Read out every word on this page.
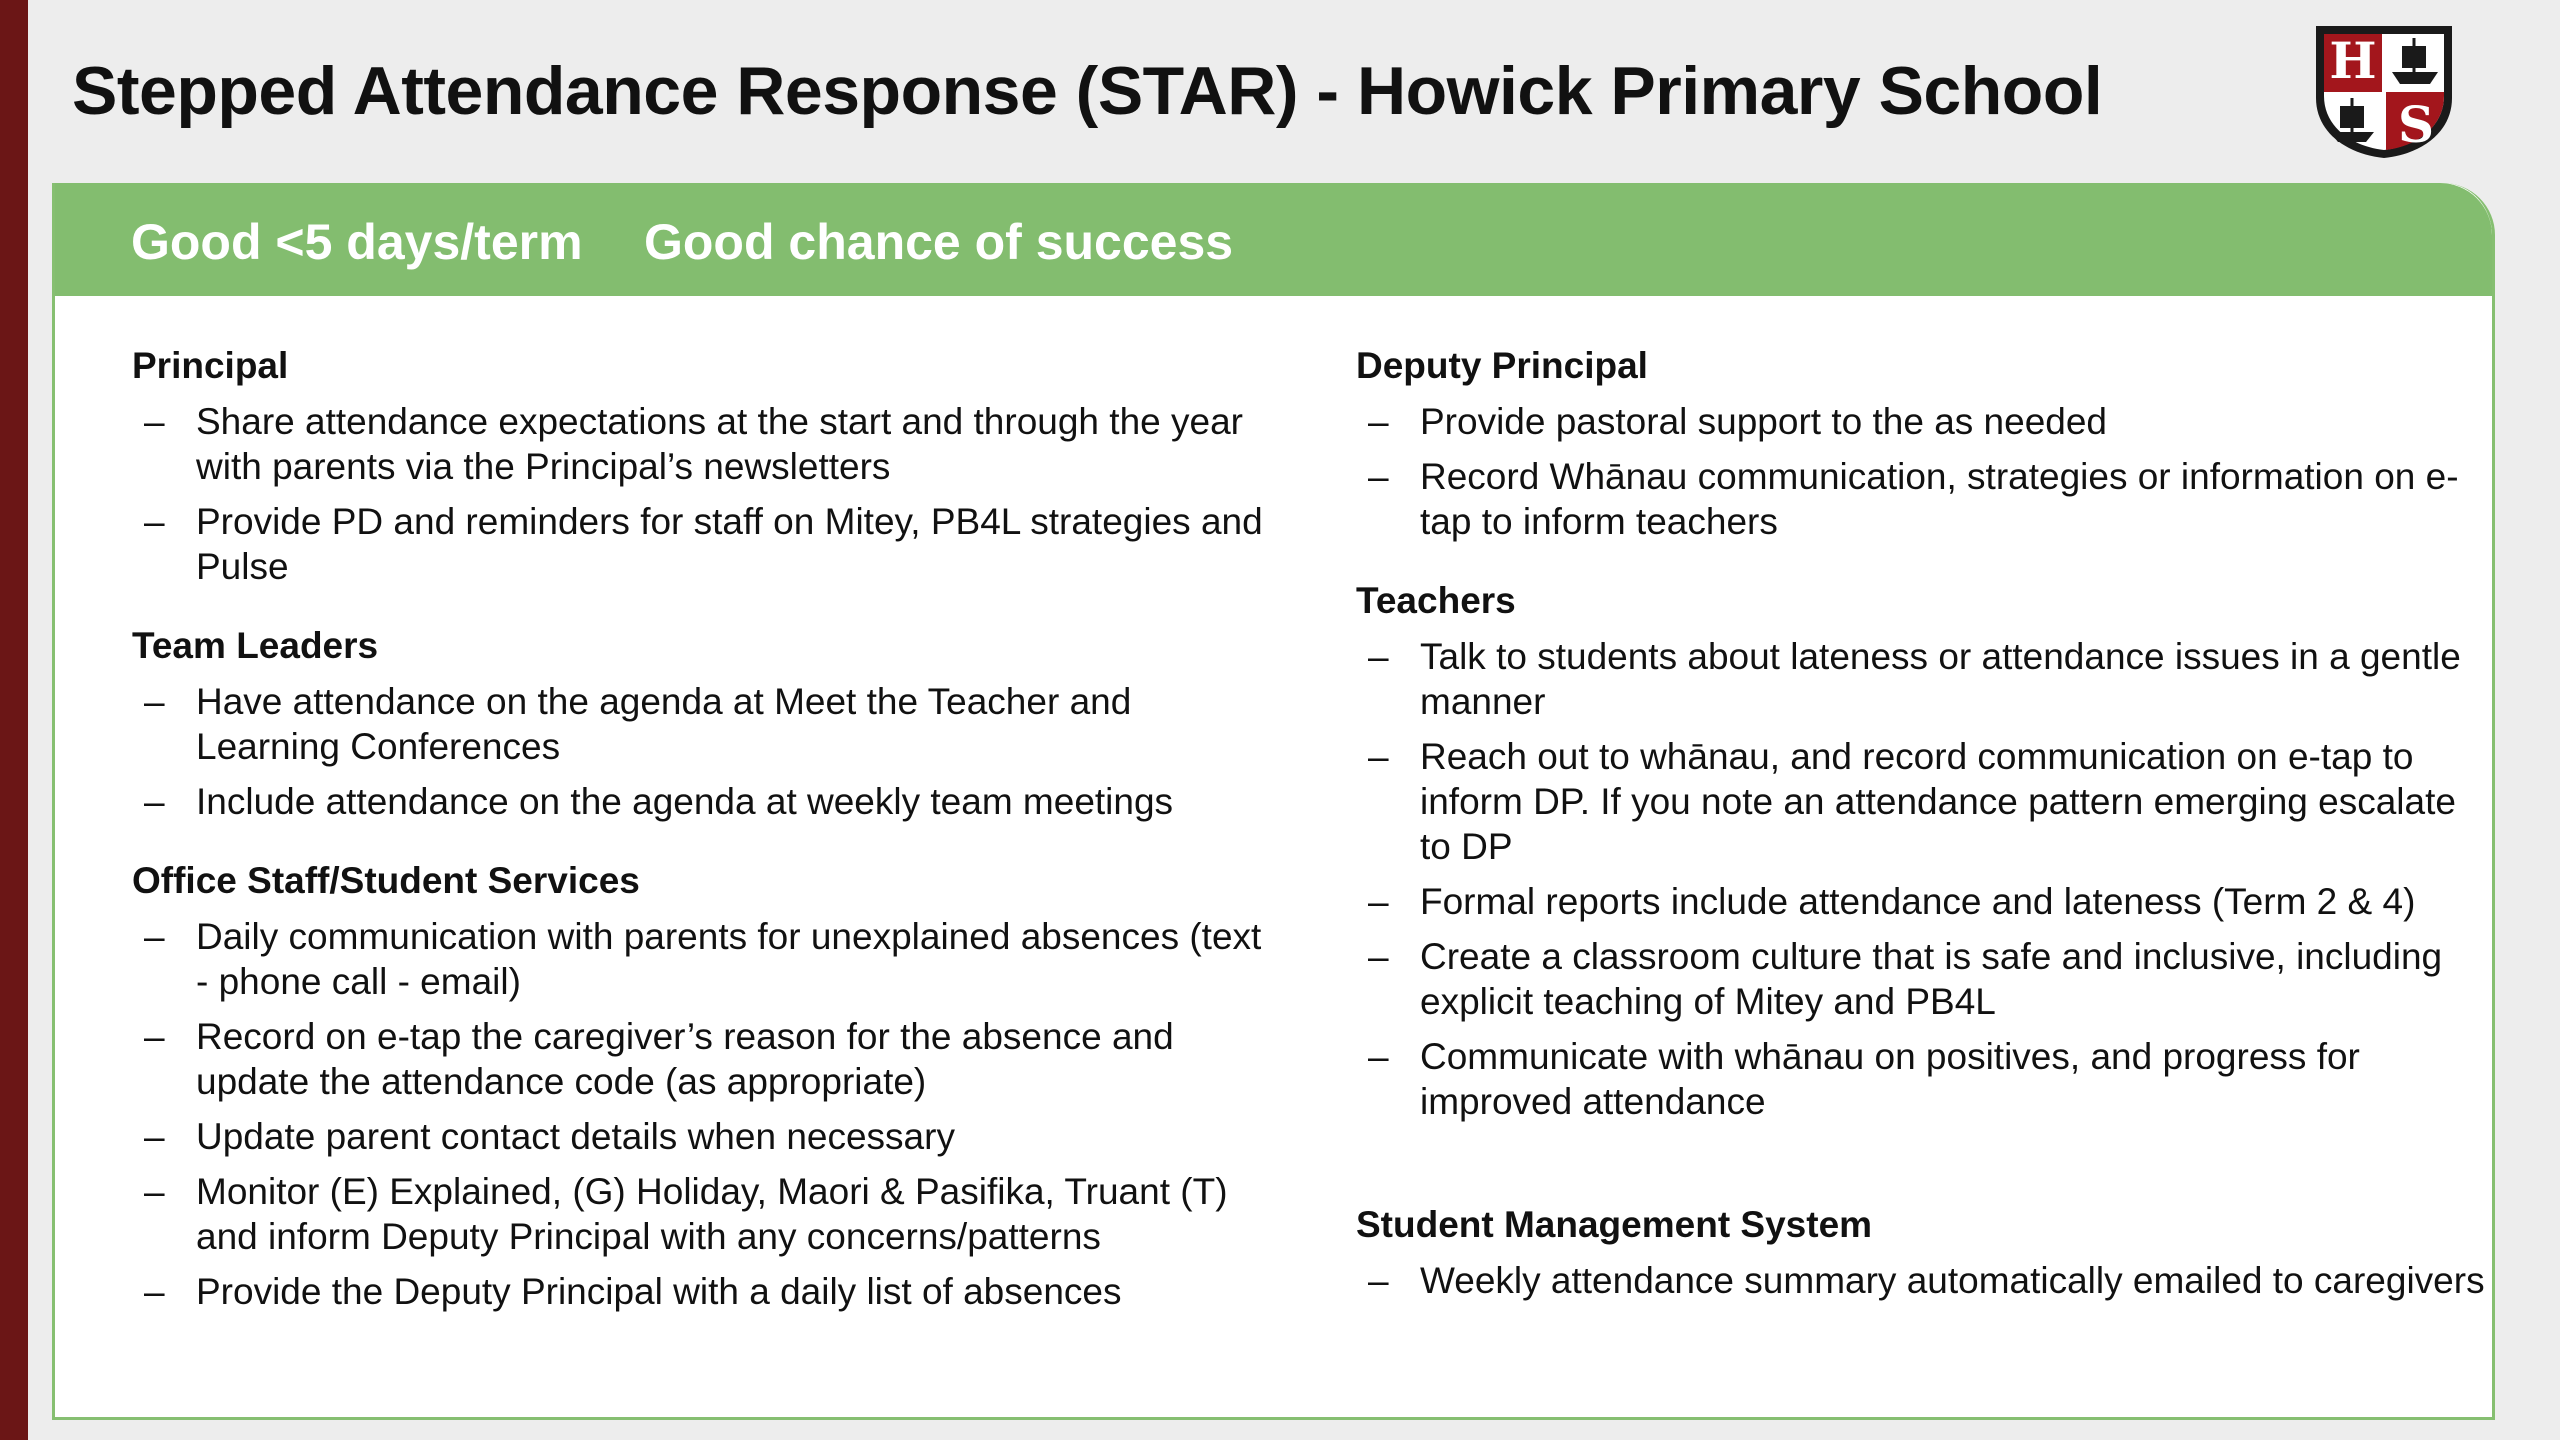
Stepped Attendance Response (STAR) - Howick Primary School	H
S
Good <5 days/term Good chance of success
Principal
– Share attendance expectations at the start and through the year with parents via the Principal’s newsletters
– Provide PD and reminders for staff on Mitey, PB4L strategies and Pulse
Team Leaders
– Have attendance on the agenda at Meet the Teacher and Learning Conferences
– Include attendance on the agenda at weekly team meetings
Office Staff/Student Services
– Daily communication with parents for unexplained absences (text - phone call - email)
– Record on e-tap the caregiver’s reason for the absence and update the attendance code (as appropriate)
– Update parent contact details when necessary
– Monitor (E) Explained, (G) Holiday, Maori & Pasifika, Truant (T) and inform Deputy Principal with any concerns/patterns
– Provide the Deputy Principal with a daily list of absences
Deputy Principal
– Provide pastoral support to the as needed
– Record Whānau communication, strategies or information on e-tap to inform teachers
Teachers
– Talk to students about lateness or attendance issues in a gentle manner
– Reach out to whānau, and record communication on e-tap to inform DP. If you note an attendance pattern emerging escalate to DP
– Formal reports include attendance and lateness (Term 2 & 4)
– Create a classroom culture that is safe and inclusive, including explicit teaching of Mitey and PB4L
– Communicate with whānau on positives, and progress for improved attendance
Student Management System
– Weekly attendance summary automatically emailed to caregivers
